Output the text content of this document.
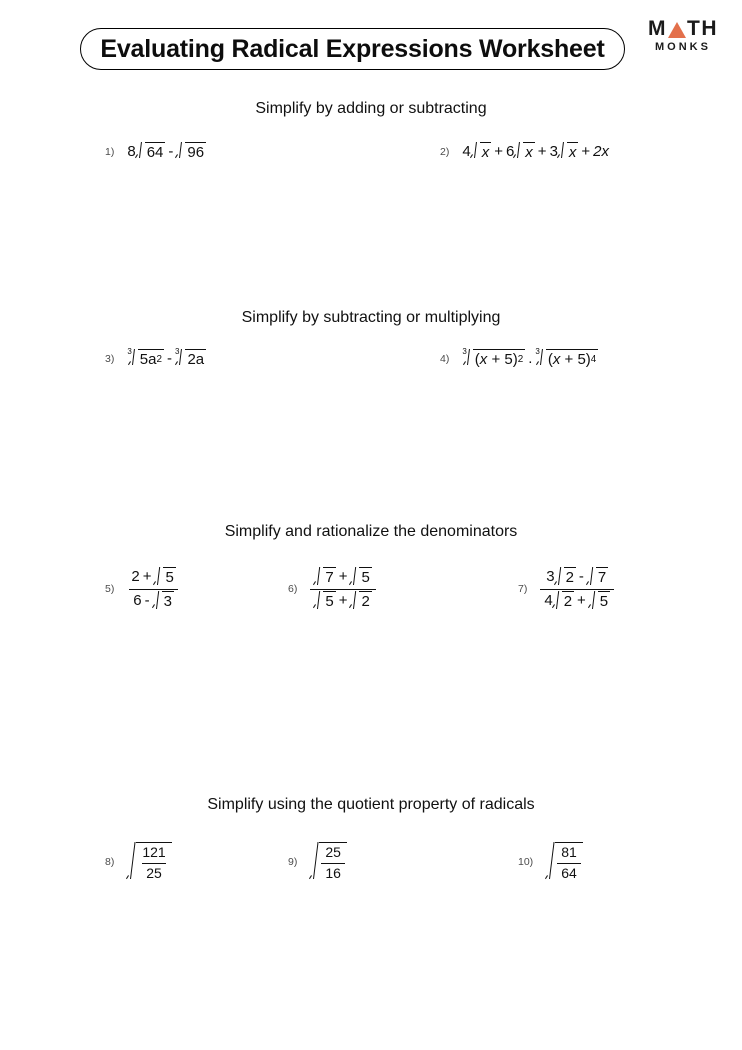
M TH
MONKS
Evaluating Radical Expressions Worksheet
Simplify by adding or subtracting
1) 8 64 - 96	2) 4 x + 6 x + 3 x + 2x
Simplify by subtracting or multiplying
3)
3 5a 2 - 3 2a	4)
3 (x + 5) 2 . 3 (x + 5) 4
Simplify and rationalize the denominators
$5) \frac{2 + 5}{6 - 3}$	6)
7 + 5
5 + 2
7)
3 2 - 7
4 2 + 5
Simplify using the quotient property of radicals
$8) \frac{121}{25}$	$9) \frac{25}{16}$	$10) \frac{81}{64}$
